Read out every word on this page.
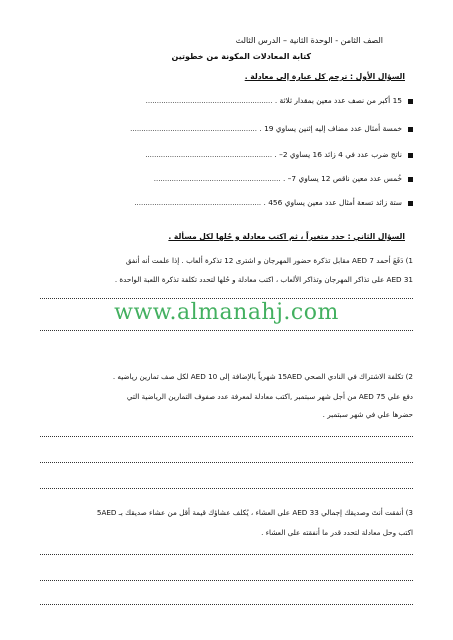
الصف الثامن - الوحدة الثانية – الدرس الثالث
كتابة المعادلات المكونة من خطوتين
السؤال الأول : ترجم كل عبارة إلى معادلة .
15 أكبر من نصف عدد معين بمقدار ثلاثة . .........................................................
خمسة أمثال عدد مضاف إليه إثنين يساوي 19 . .........................................................
ناتج ضرب عدد في 4 زائد 16 يساوي 2– . .........................................................
خُمس عدد معين ناقص 12 يساوي 7– . .........................................................
ستة زائد تسعة أمثال عدد معين يساوي 456 . .........................................................
السؤال الثاني : حدد متغيراً ، ثم اكتب معادلة و حُلها لكل مسألة .
1) دَفَعَ أحمد 7 AED مقابل تذكرة حضور المهرجان و اشترى 12 تذكرة ألعاب . إذا علمت أنه أنفق
31 AED على تذاكر المهرجان وتذاكر الألعاب ، اكتب معادلة و حُلها لتحدد تكلفة تذكرة اللعبة الواحدة .
www.almanahj.com
2) تكلفة الاشتراك في النادي الصحي 15AED شهرياً بالإضافة إلى 10 AED لكل صف تمارين رياضيه .
دفع علي 75 AED من أجل شهر سبتمبر ,اكتب معادلة لمعرفة عدد صفوف التمارين الرياضية التي
حضرها علي في شهر سبتمبر .
3) أنفقت أنتَ وصديقك إجمالي 33 AED على العشاء ، يُكلف عشاؤك قيمة أقل من عشاء صديقك بـ 5AED
اكتب وحل معادلة لتحدد قدر ما أنفقته على العشاء .
